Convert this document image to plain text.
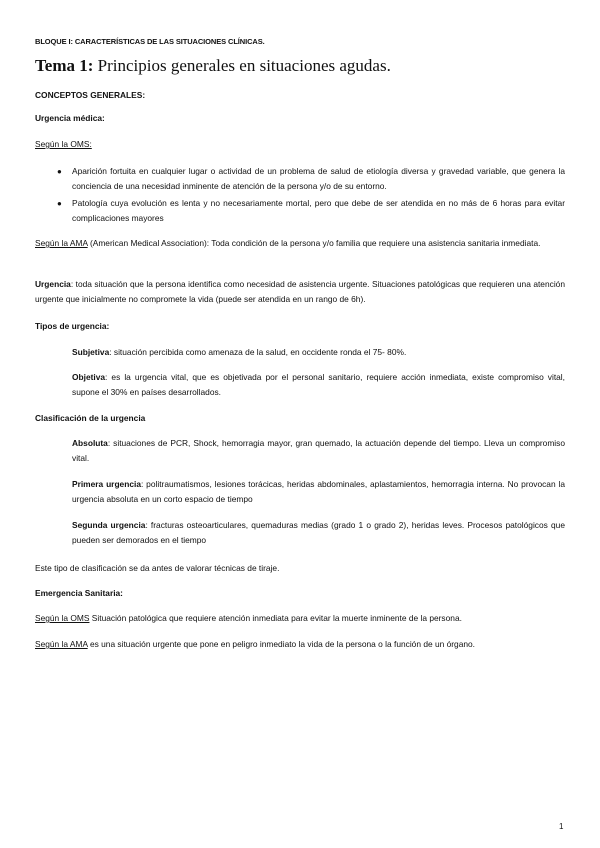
BLOQUE I: CARACTERÍSTICAS DE LAS SITUACIONES CLÍNICAS.
Tema 1: Principios generales en situaciones agudas.
CONCEPTOS GENERALES:
Urgencia médica:
Según la OMS:
● Aparición fortuita en cualquier lugar o actividad de un problema de salud de etiología diversa y gravedad variable, que genera la conciencia de una necesidad inminente de atención de la persona y/o de su entorno.
● Patología cuya evolución es lenta y no necesariamente mortal, pero que debe de ser atendida en no más de 6 horas para evitar complicaciones mayores
Según la AMA (American Medical Association): Toda condición de la persona y/o familia que requiere una asistencia sanitaria inmediata.
Urgencia: toda situación que la persona identifica como necesidad de asistencia urgente. Situaciones patológicas que requieren una atención urgente que inicialmente no compromete la vida (puede ser atendida en un rango de 6h).
Tipos de urgencia:
Subjetiva: situación percibida como amenaza de la salud, en occidente ronda el 75- 80%.
Objetiva: es la urgencia vital, que es objetivada por el personal sanitario, requiere acción inmediata, existe compromiso vital, supone el 30% en países desarrollados.
Clasificación de la urgencia
Absoluta: situaciones de PCR, Shock, hemorragia mayor, gran quemado, la actuación depende del tiempo. Lleva un compromiso vital.
Primera urgencia: politraumatismos, lesiones torácicas, heridas abdominales, aplastamientos, hemorragia interna. No provocan la urgencia absoluta en un corto espacio de tiempo
Segunda urgencia: fracturas osteoarticulares, quemaduras medias (grado 1 o grado 2), heridas leves. Procesos patológicos que pueden ser demorados en el tiempo
Este tipo de clasificación se da antes de valorar técnicas de tiraje.
Emergencia Sanitaria:
Según la OMS Situación patológica que requiere atención inmediata para evitar la muerte inminente de la persona.
Según la AMA es una situación urgente que pone en peligro inmediato la vida de la persona o la función de un órgano.
1
